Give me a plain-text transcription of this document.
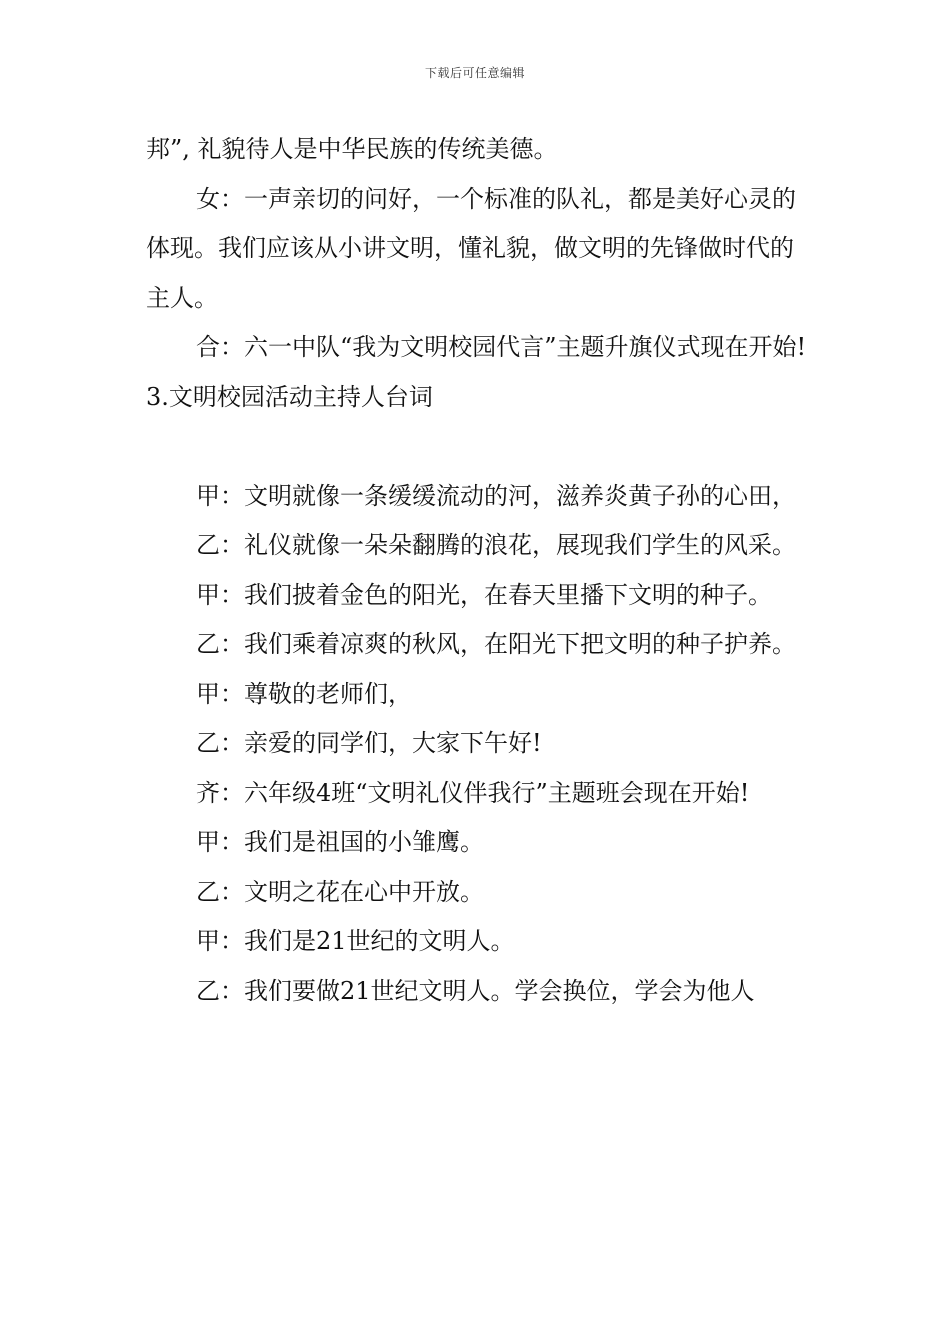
下载后可任意编辑

邦”, 礼貌待人是中华民族的传统美德。

女：一声亲切的问好，一个标准的队礼，都是美好心灵的体现。我们应该从小讲文明，懂礼貌，做文明的先锋做时代的主人。

合：六一中队“我为文明校园代言”主题升旗仪式现在开始!

3.文明校园活动主持人台词

甲：文明就像一条缓缓流动的河，滋养炎黄子孙的心田，

乙：礼仪就像一朵朵翻腾的浪花，展现我们学生的风采。

甲：我们披着金色的阳光，在春天里播下文明的种子。

乙：我们乘着凉爽的秋风，在阳光下把文明的种子护养。

甲：尊敬的老师们，

乙：亲爱的同学们，大家下午好!

齐：六年级4班“文明礼仪伴我行”主题班会现在开始!

甲：我们是祖国的小雏鹰。

乙：文明之花在心中开放。

甲：我们是21世纪的文明人。

乙：我们要做21世纪文明人。学会换位，学会为他人
